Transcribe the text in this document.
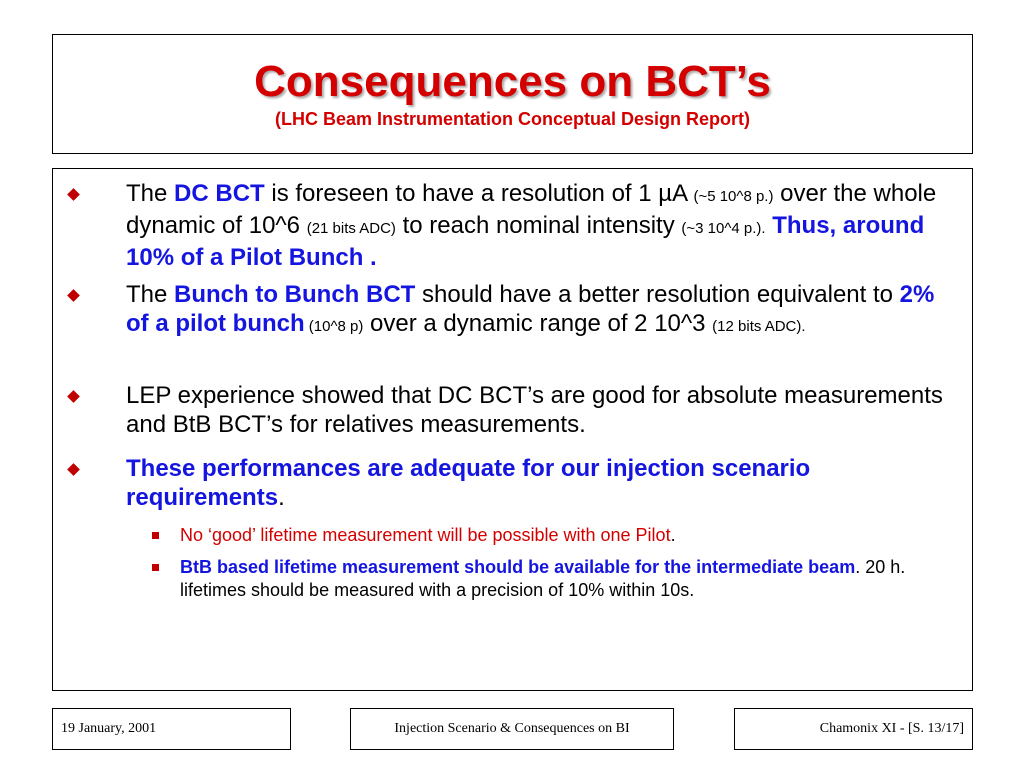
Consequences on BCT’s
(LHC Beam Instrumentation Conceptual Design Report)
The DC BCT is foreseen to have a resolution of 1 µA (~5 10^8 p.) over the whole dynamic of 10^6 (21 bits ADC) to reach nominal intensity (~3 10^4 p.). Thus, around 10% of a Pilot Bunch .
The Bunch to Bunch BCT should have a better resolution equivalent to 2% of a pilot bunch (10^8 p) over a dynamic range of 2 10^3 (12 bits ADC).
LEP experience showed that DC BCT’s are good for absolute measurements and BtB BCT’s for relatives measurements.
These performances are adequate for our injection scenario requirements.
No ‘good’ lifetime measurement will be possible with one Pilot.
BtB based lifetime measurement should be available for the intermediate beam. 20 h. lifetimes should be measured with a precision of 10% within 10s.
19 January, 2001	Injection Scenario & Consequences on BI	Chamonix XI - [S. 13/17]
